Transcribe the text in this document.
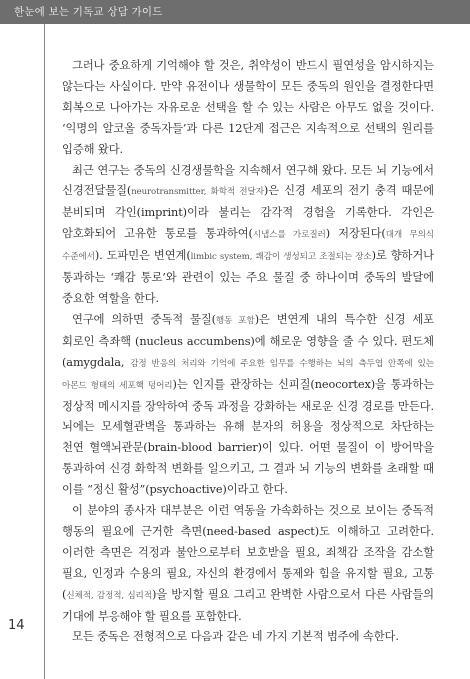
한눈에 보는 기독교 상담 가이드

그러나 중요하게 기억해야 할 것은, 취약성이 반드시 필연성을 암시하지는 않는다는 사실이다. 만약 유전이나 생물학이 모든 중독의 원인을 결정한다면 회복으로 나아가는 자유로운 선택을 할 수 있는 사람은 아무도 없을 것이다. ‘익명의 알코올 중독자들’과 다른 12단계 접근은 지속적으로 선택의 원리를 입증해 왔다.

최근 연구는 중독의 신경생물학을 지속해서 연구해 왔다. 모든 뇌 기능에서 신경전달물질(neurotransmitter, 화학적 전달자)은 신경 세포의 전기 충격 때문에 분비되며 각인(imprint)이라 불리는 감각적 경험을 기록한다. 각인은 암호화되어 고유한 통로를 통과하여(시냅스를 가로질러) 저장된다(대개 무의식 수준에서). 도파민은 변연계(limbic system, 쾌감이 생성되고 조절되는 장소)로 향하거나 통과하는 ‘쾌감 통로’와 관련이 있는 주요 물질 중 하나이며 중독의 발달에 중요한 역할을 한다.

연구에 의하면 중독적 물질(행동 포함)은 변연계 내의 특수한 신경 세포 회로인 측좌핵 (nucleus accumbens)에 해로운 영향을 줄 수 있다. 편도체(amygdala, 감정 반응의 처리와 기억에 주요한 임무를 수행하는 뇌의 측두엽 안쪽에 있는 아몬드 형태의 세포핵 덩어리)는 인지를 관장하는 신피질(neocortex)을 통과하는 정상적 메시지를 장악하여 중독 과정을 강화하는 새로운 신경 경로를 만든다. 뇌에는 모세혈관벽을 통과하는 유해 분자의 허용을 정상적으로 차단하는 천연 혈액뇌관문(brain-blood barrier)이 있다. 어떤 물질이 이 방어막을 통과하여 신경 화학적 변화를 일으키고, 그 결과 뇌 기능의 변화를 초래할 때 이를 “정신 활성”(psychoactive)이라고 한다.

이 분야의 종사자 대부분은 이런 역동을 가속화하는 것으로 보이는 중독적 행동의 필요에 근거한 측면(need-based aspect)도 이해하고 고려한다. 이러한 측면은 걱정과 불안으로부터 보호받을 필요, 죄책감 조작을 감소할 필요, 인정과 수용의 필요, 자신의 환경에서 통제와 힘을 유지할 필요, 고통(신체적, 감정적, 심리적)을 방지할 필요 그리고 완벽한 사람으로서 다른 사람들의 기대에 부응해야 할 필요를 포함한다.

모든 중독은 전형적으로 다음과 같은 네 가지 기본적 범주에 속한다.

14
